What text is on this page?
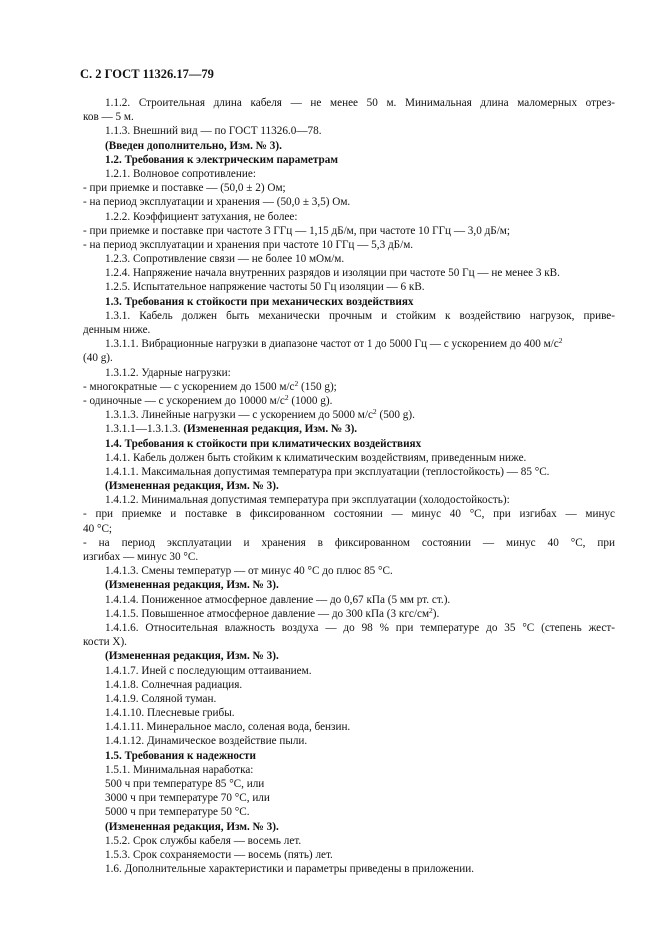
С. 2 ГОСТ 11326.17—79
1.1.2. Строительная длина кабеля — не менее 50 м. Минимальная длина маломерных отрез-
ков — 5 м.
1.1.3. Внешний вид — по ГОСТ 11326.0—78.
(Введен дополнительно, Изм. № 3).
1.2. Требования к электрическим параметрам
1.2.1. Волновое сопротивление:
- при приемке и поставке — (50,0 ± 2) Ом;
- на период эксплуатации и хранения — (50,0 ± 3,5) Ом.
1.2.2. Коэффициент затухания, не более:
- при приемке и поставке при частоте 3 ГГц — 1,15 дБ/м, при частоте 10 ГГц — 3,0 дБ/м;
- на период эксплуатации и хранения при частоте 10 ГГц — 5,3 дБ/м.
1.2.3. Сопротивление связи — не более 10 мОм/м.
1.2.4. Напряжение начала внутренних разрядов и изоляции при частоте 50 Гц — не менее 3 кВ.
1.2.5. Испытательное напряжение частоты 50 Гц изоляции — 6 кВ.
1.3. Требования к стойкости при механических воздействиях
1.3.1. Кабель должен быть механически прочным и стойким к воздействию нагрузок, приве-
денным ниже.
1.3.1.1. Вибрационные нагрузки в диапазоне частот от 1 до 5000 Гц — с ускорением до 400 $м/с^2$
(40 g).
1.3.1.2. Ударные нагрузки:
- многократные — с ускорением до 1500 $м/с^2$ (150 g);
- одиночные — с ускорением до 10000 $м/с^2$ (1000 g).
1.3.1.3. Линейные нагрузки — с ускорением до 5000 $м/с^2$ (500 g).
1.3.1.1—1.3.1.3. (Измененная редакция, Изм. № 3).
1.4. Требования к стойкости при климатических воздействиях
1.4.1. Кабель должен быть стойким к климатическим воздействиям, приведенным ниже.
1.4.1.1. Максимальная допустимая температура при эксплуатации (теплостойкость) — 85 °С.
(Измененная редакция, Изм. № 3).
1.4.1.2. Минимальная допустимая температура при эксплуатации (холодостойкость):
- при приемке и поставке в фиксированном состоянии — минус 40 °С, при изгибах — минус
40 °С;
- на период эксплуатации и хранения в фиксированном состоянии — минус 40 °С, при
изгибах — минус 30 °С.
1.4.1.3. Смены температур — от минус 40 °С до плюс 85 °С.
(Измененная редакция, Изм. № 3).
1.4.1.4. Пониженное атмосферное давление — до 0,67 кПа (5 мм рт. ст.).
1.4.1.5. Повышенное атмосферное давление — до 300 кПа (3 кгс/$см^2$).
1.4.1.6. Относительная влажность воздуха — до 98 % при температуре до 35 °С (степень жест-
кости X).
(Измененная редакция, Изм. № 3).
1.4.1.7. Иней с последующим оттаиванием.
1.4.1.8. Солнечная радиация.
1.4.1.9. Соляной туман.
1.4.1.10. Плесневые грибы.
1.4.1.11. Минеральное масло, соленая вода, бензин.
1.4.1.12. Динамическое воздействие пыли.
1.5. Требования к надежности
1.5.1. Минимальная наработка:
500 ч при температуре 85 °С, или
3000 ч при температуре 70 °С, или
5000 ч при температуре 50 °С.
(Измененная редакция, Изм. № 3).
1.5.2. Срок службы кабеля — восемь лет.
1.5.3. Срок сохраняемости — восемь (пять) лет.
1.6. Дополнительные характеристики и параметры приведены в приложении.
